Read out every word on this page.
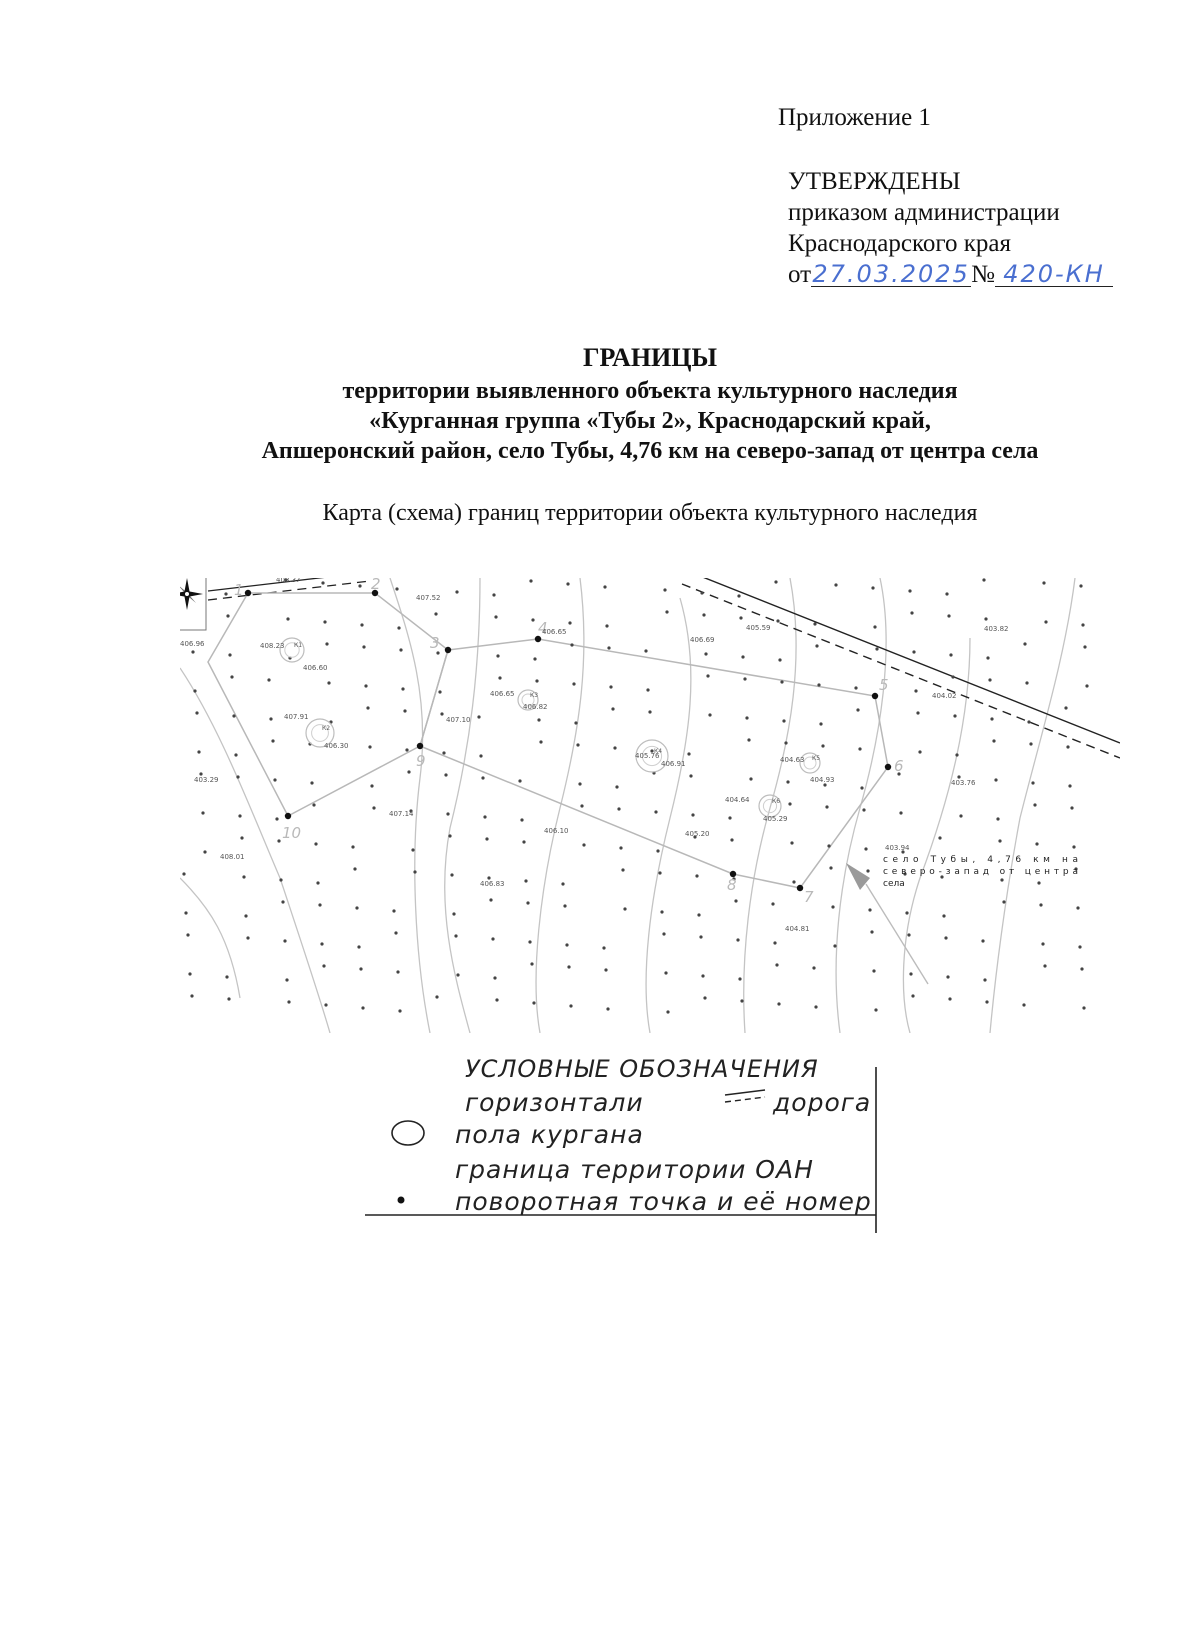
Приложение 1
УТВЕРЖДЕНЫ
приказом администрации
Краснодарского края
от27.03.2025№ 420-КН
ГРАНИЦЫ
территории выявленного объекта культурного наследия
«Курганная группа «Тубы 2», Краснодарский край,
Апшеронский район, село Тубы, 4,76 км на северо-запад от центра села
Карта (схема) границ территории объекта культурного наследия
К1
К2
К3
К4
К5
К6
1	2
3
4
5
6
7
8
9
10
408.37
407.52
406.65
406.69
405.59	403.82
406.96	408.23
406.60
406.65
406.82
404.02
407.91
406.30
407.10
405.76
406.91	404.63
404.93	403.76
403.29
407.14
406.10
404.64
405.29
405.20
403.94
408.01
406.83
404.81
село Тубы, 4,76 км на
северо-запад от центра
села
УСЛОВНЫЕ ОБОЗНАЧЕНИЯ
горизонтали	дорога
пола кургана
граница территории ОАН
поворотная точка и её номер
